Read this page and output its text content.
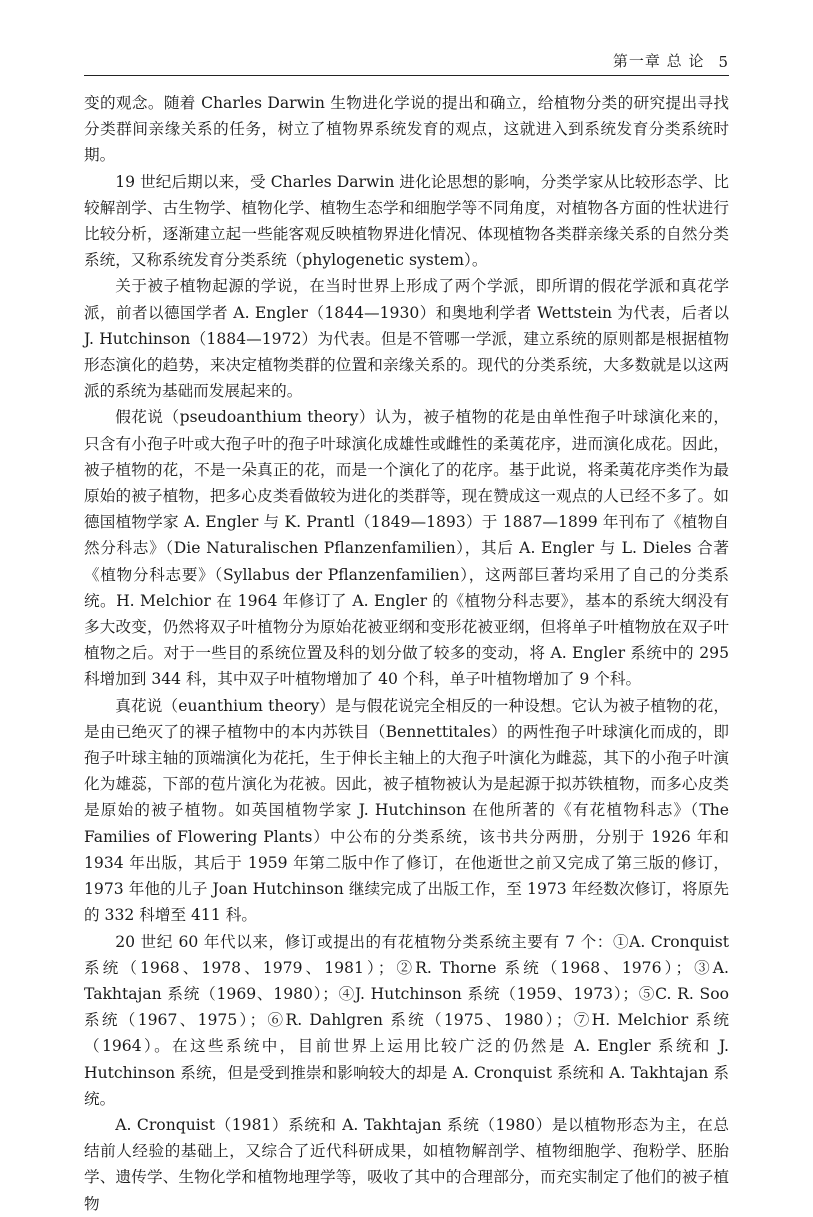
第一章 总 论 5

变的观念。随着 Charles Darwin 生物进化学说的提出和确立，给植物分类的研究提出寻找分类群间亲缘关系的任务，树立了植物界系统发育的观点，这就进入到系统发育分类系统时期。

19 世纪后期以来，受 Charles Darwin 进化论思想的影响，分类学家从比较形态学、比较解剖学、古生物学、植物化学、植物生态学和细胞学等不同角度，对植物各方面的性状进行比较分析，逐渐建立起一些能客观反映植物界进化情况、体现植物各类群亲缘关系的自然分类系统，又称系统发育分类系统（phylogenetic system）。

关于被子植物起源的学说，在当时世界上形成了两个学派，即所谓的假花学派和真花学派，前者以德国学者 A. Engler（1844—1930）和奥地利学者 Wettstein 为代表，后者以 J. Hutchinson（1884—1972）为代表。但是不管哪一学派，建立系统的原则都是根据植物形态演化的趋势，来决定植物类群的位置和亲缘关系的。现代的分类系统，大多数就是以这两派的系统为基础而发展起来的。

假花说（pseudoanthium theory）认为，被子植物的花是由单性孢子叶球演化来的，只含有小孢子叶或大孢子叶的孢子叶球演化成雄性或雌性的柔荑花序，进而演化成花。因此，被子植物的花，不是一朵真正的花，而是一个演化了的花序。基于此说，将柔荑花序类作为最原始的被子植物，把多心皮类看做较为进化的类群等，现在赞成这一观点的人已经不多了。如德国植物学家 A. Engler 与 K. Prantl（1849—1893）于 1887—1899 年刊布了《植物自然分科志》（Die Naturalischen Pflanzenfamilien），其后 A. Engler 与 L. Dieles 合著《植物分科志要》（Syllabus der Pflanzenfamilien），这两部巨著均采用了自己的分类系统。H. Melchior 在 1964 年修订了 A. Engler 的《植物分科志要》，基本的系统大纲没有多大改变，仍然将双子叶植物分为原始花被亚纲和变形花被亚纲，但将单子叶植物放在双子叶植物之后。对于一些目的系统位置及科的划分做了较多的变动，将 A. Engler 系统中的 295 科增加到 344 科，其中双子叶植物增加了 40 个科，单子叶植物增加了 9 个科。

真花说（euanthium theory）是与假花说完全相反的一种设想。它认为被子植物的花，是由已绝灭了的裸子植物中的本内苏铁目（Bennettitales）的两性孢子叶球演化而成的，即孢子叶球主轴的顶端演化为花托，生于伸长主轴上的大孢子叶演化为雌蕊，其下的小孢子叶演化为雄蕊，下部的苞片演化为花被。因此，被子植物被认为是起源于拟苏铁植物，而多心皮类是原始的被子植物。如英国植物学家 J. Hutchinson 在他所著的《有花植物科志》（The Families of Flowering Plants）中公布的分类系统，该书共分两册，分别于 1926 年和 1934 年出版，其后于 1959 年第二版中作了修订，在他逝世之前又完成了第三版的修订，1973 年他的儿子 Joan Hutchinson 继续完成了出版工作，至 1973 年经数次修订，将原先的 332 科增至 411 科。

20 世纪 60 年代以来，修订或提出的有花植物分类系统主要有 7 个：①A. Cronquist 系统（1968、1978、1979、1981）；②R. Thorne 系统（1968、1976）；③A. Takhtajan 系统（1969、1980）；④J. Hutchinson 系统（1959、1973）；⑤C. R. Soo 系统（1967、1975）；⑥R. Dahlgren 系统（1975、1980）；⑦H. Melchior 系统（1964）。在这些系统中，目前世界上运用比较广泛的仍然是 A. Engler 系统和 J. Hutchinson 系统，但是受到推崇和影响较大的却是 A. Cronquist 系统和 A. Takhtajan 系统。

A. Cronquist（1981）系统和 A. Takhtajan 系统（1980）是以植物形态为主，在总结前人经验的基础上，又综合了近代科研成果，如植物解剖学、植物细胞学、孢粉学、胚胎学、遗传学、生物化学和植物地理学等，吸收了其中的合理部分，而充实制定了他们的被子植物
